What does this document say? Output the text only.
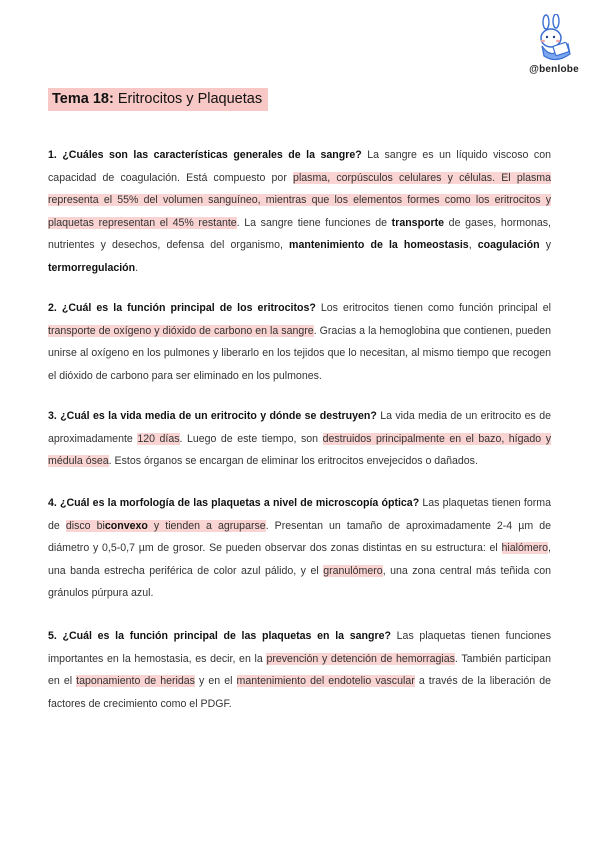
@benlobe
Tema 18: Eritrocitos y Plaquetas
1. ¿Cuáles son las características generales de la sangre? La sangre es un líquido viscoso con capacidad de coagulación. Está compuesto por plasma, corpúsculos celulares y células. El plasma representa el 55% del volumen sanguíneo, mientras que los elementos formes como los eritrocitos y plaquetas representan el 45% restante. La sangre tiene funciones de transporte de gases, hormonas, nutrientes y desechos, defensa del organismo, mantenimiento de la homeostasis, coagulación y termorregulación.
2. ¿Cuál es la función principal de los eritrocitos? Los eritrocitos tienen como función principal el transporte de oxígeno y dióxido de carbono en la sangre. Gracias a la hemoglobina que contienen, pueden unirse al oxígeno en los pulmones y liberarlo en los tejidos que lo necesitan, al mismo tiempo que recogen el dióxido de carbono para ser eliminado en los pulmones.
3. ¿Cuál es la vida media de un eritrocito y dónde se destruyen? La vida media de un eritrocito es de aproximadamente 120 días. Luego de este tiempo, son destruidos principalmente en el bazo, hígado y médula ósea. Estos órganos se encargan de eliminar los eritrocitos envejecidos o dañados.
4. ¿Cuál es la morfología de las plaquetas a nivel de microscopía óptica? Las plaquetas tienen forma de disco biconvexo y tienden a agruparse. Presentan un tamaño de aproximadamente 2-4 µm de diámetro y 0,5-0,7 µm de grosor. Se pueden observar dos zonas distintas en su estructura: el hialómero, una banda estrecha periférica de color azul pálido, y el granulómero, una zona central más teñida con gránulos púrpura azul.
5. ¿Cuál es la función principal de las plaquetas en la sangre? Las plaquetas tienen funciones importantes en la hemostasia, es decir, en la prevención y detención de hemorragias. También participan en el taponamiento de heridas y en el mantenimiento del endotelio vascular a través de la liberación de factores de crecimiento como el PDGF.
